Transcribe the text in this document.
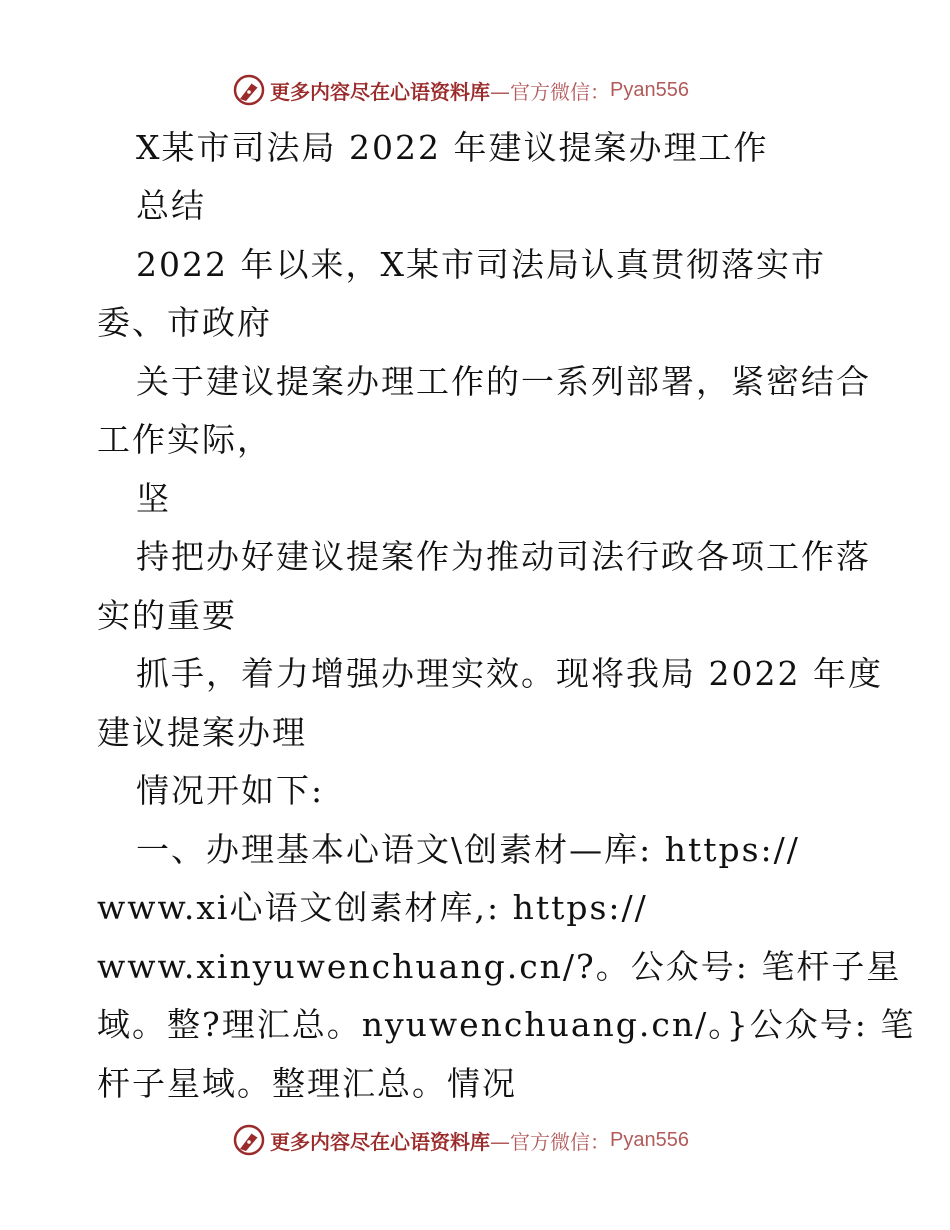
更多内容尽在心语资料库 —官方微信： Pyan556
X某市司法局 2022 年建议提案办理工作
总结
2022 年以来，X某市司法局认真贯彻落实市
委、市政府
关于建议提案办理工作的一系列部署，紧密结合
工作实际，
坚
持把办好建议提案作为推动司法行政各项工作落
实的重要
抓手，着力增强办理实效。现将我局 2022 年度
建议提案办理
情况开如下:
一、办理基本心语文\创素材—库: https://
www.xi心语文创素材库,: https://
www.xinyuwenchuang.cn/?。公众号: 笔杆子星
域。整?理汇总。nyuwenchuang.cn/。}公众号: 笔
杆子星域。整理汇总。情况
更多内容尽在心语资料库 —官方微信： Pyan556
